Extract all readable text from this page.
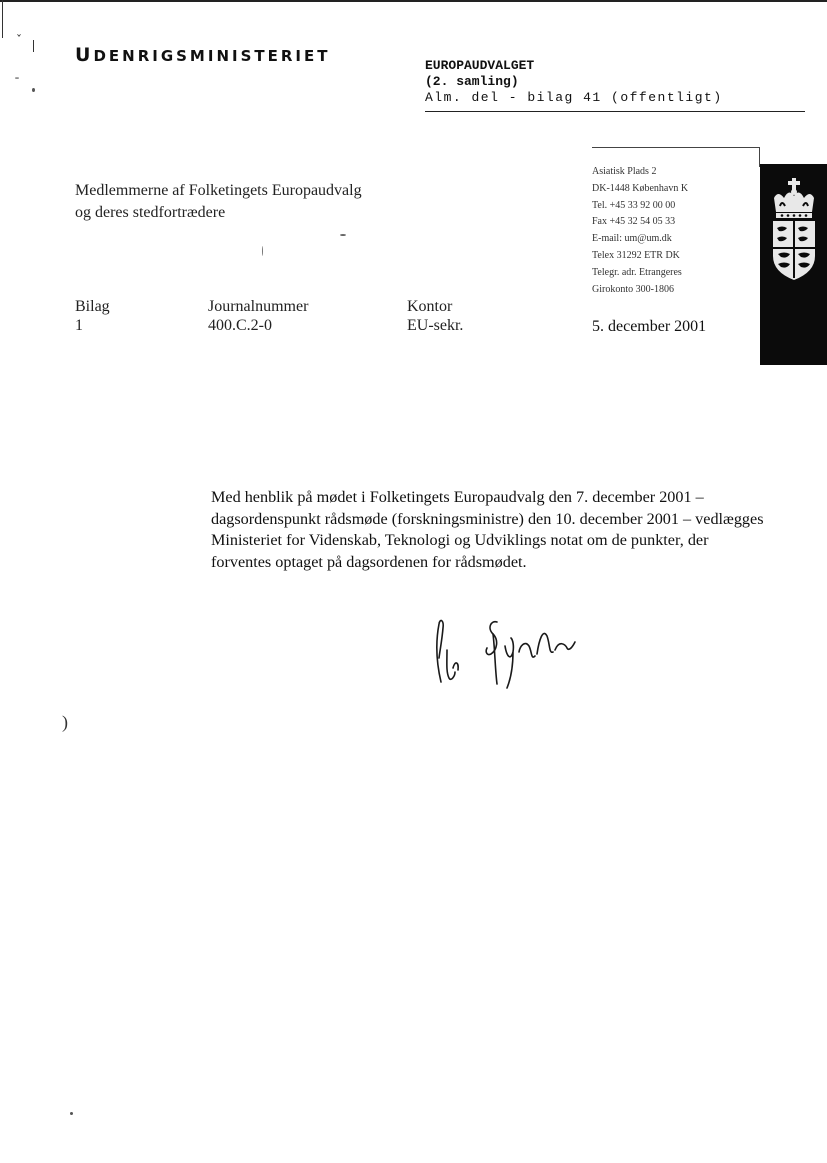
ˇ
ˉ
)
UDENRIGSMINISTERIET
EUROPAUDVALGET
(2. samling)
Alm. del - bilag 41 (offentligt)
Asiatisk Plads 2
DK-1448 København K
Tel. +45 33 92 00 00
Fax +45 32 54 05 33
E-mail: um@um.dk
Telex 31292 ETR DK
Telegr. adr. Etrangeres
Girokonto 300-1806
Medlemmerne af Folketingets Europaudvalg
og deres stedfortrædere
Bilag
1
Journalnummer
400.C.2-0
Kontor
EU-sekr.	5. december 2001
Med henblik på mødet i Folketingets Europaudvalg den 7. december 2001 – dagsordenspunkt rådsmøde (forskningsministre) den 10. december 2001 – vedlægges Ministeriet for Videnskab, Teknologi og Udviklings notat om de punkter, der forventes optaget på dagsordenen for rådsmødet.
